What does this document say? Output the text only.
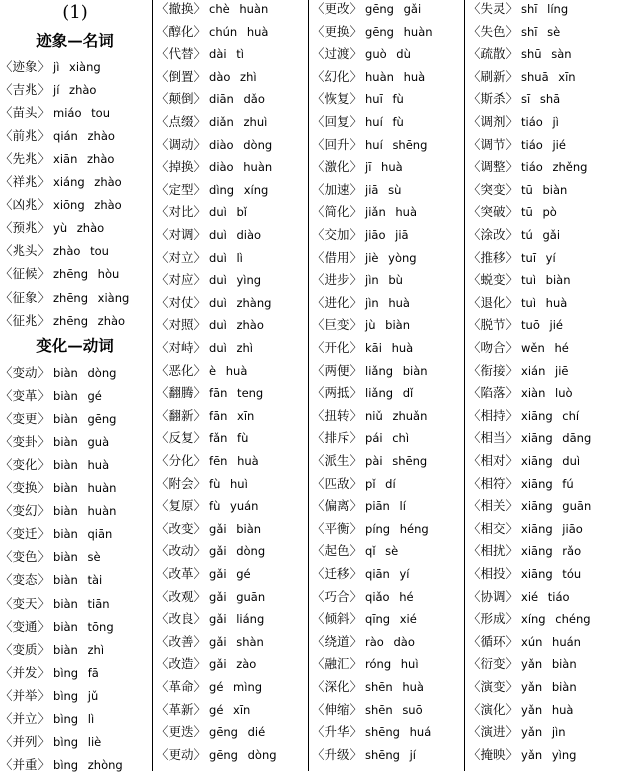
(1)
迹象—名词
变化—动词
〈迹象〉 jì xiàng
〈吉兆〉 jí zhào
〈苗头〉 miáo tou
〈前兆〉 qián zhào
〈先兆〉 xiān zhào
〈祥兆〉 xiáng zhào
〈凶兆〉 xiōng zhào
〈预兆〉 yù zhào
〈兆头〉 zhào tou
〈征候〉 zhēng hòu
〈征象〉 zhēng xiàng
〈征兆〉 zhēng zhào
〈变动〉 biàn dòng
〈变革〉 biàn gé
〈变更〉 biàn gēng
〈变卦〉 biàn guà
〈变化〉 biàn huà
〈变换〉 biàn huàn
〈变幻〉 biàn huàn
〈变迁〉 biàn qiān
〈变色〉 biàn sè
〈变态〉 biàn tài
〈变天〉 biàn tiān
〈变通〉 biàn tōng
〈变质〉 biàn zhì
〈并发〉 bìng fā
〈并举〉 bìng jǔ
〈并立〉 bìng lì
〈并列〉 bìng liè
〈并重〉 bìng zhòng
〈撤换〉 chè huàn
〈醇化〉 chún huà
〈代替〉 dài tì
〈倒置〉 dào zhì
〈颠倒〉 diān dǎo
〈点缀〉 diǎn zhuì
〈调动〉 diào dòng
〈掉换〉 diào huàn
〈定型〉 dìng xíng
〈对比〉 duì bǐ
〈对调〉 duì diào
〈对立〉 duì lì
〈对应〉 duì yìng
〈对仗〉 duì zhàng
〈对照〉 duì zhào
〈对峙〉 duì zhì
〈恶化〉 è huà
〈翻腾〉 fān teng
〈翻新〉 fān xīn
〈反复〉 fǎn fù
〈分化〉 fēn huà
〈附会〉 fù huì
〈复原〉 fù yuán
〈改变〉 gǎi biàn
〈改动〉 gǎi dòng
〈改革〉 gǎi gé
〈改观〉 gǎi guān
〈改良〉 gǎi liáng
〈改善〉 gǎi shàn
〈改造〉 gǎi zào
〈革命〉 gé mìng
〈革新〉 gé xīn
〈更迭〉 gēng dié
〈更动〉 gēng dòng
〈更改〉 gēng gǎi
〈更换〉 gēng huàn
〈过渡〉 guò dù
〈幻化〉 huàn huà
〈恢复〉 huī fù
〈回复〉 huí fù
〈回升〉 huí shēng
〈激化〉 jī huà
〈加速〉 jiā sù
〈简化〉 jiǎn huà
〈交加〉 jiāo jiā
〈借用〉 jiè yòng
〈进步〉 jìn bù
〈进化〉 jìn huà
〈巨变〉 jù biàn
〈开化〉 kāi huà
〈两便〉 liǎng biàn
〈两抵〉 liǎng dǐ
〈扭转〉 niǔ zhuǎn
〈排斥〉 pái chì
〈派生〉 pài shēng
〈匹敌〉 pǐ dí
〈偏离〉 piān lí
〈平衡〉 píng héng
〈起色〉 qǐ sè
〈迁移〉 qiān yí
〈巧合〉 qiǎo hé
〈倾斜〉 qīng xié
〈绕道〉 rào dào
〈融汇〉 róng huì
〈深化〉 shēn huà
〈伸缩〉 shēn suō
〈升华〉 shēng huá
〈升级〉 shēng jí
〈失灵〉 shī líng
〈失色〉 shī sè
〈疏散〉 shū sàn
〈刷新〉 shuā xīn
〈斯杀〉 sī shā
〈调剂〉 tiáo jì
〈调节〉 tiáo jié
〈调整〉 tiáo zhěng
〈突变〉 tū biàn
〈突破〉 tū pò
〈涂改〉 tú gǎi
〈推移〉 tuī yí
〈蜕变〉 tuì biàn
〈退化〉 tuì huà
〈脱节〉 tuō jié
〈吻合〉 wěn hé
〈衔接〉 xián jiē
〈陷落〉 xiàn luò
〈相持〉 xiāng chí
〈相当〉 xiāng dāng
〈相对〉 xiāng duì
〈相符〉 xiāng fú
〈相关〉 xiāng guān
〈相交〉 xiāng jiāo
〈相扰〉 xiāng rǎo
〈相投〉 xiāng tóu
〈协调〉 xié tiáo
〈形成〉 xíng chéng
〈循环〉 xún huán
〈衍变〉 yǎn biàn
〈演变〉 yǎn biàn
〈演化〉 yǎn huà
〈演进〉 yǎn jìn
〈掩映〉 yǎn yìng
